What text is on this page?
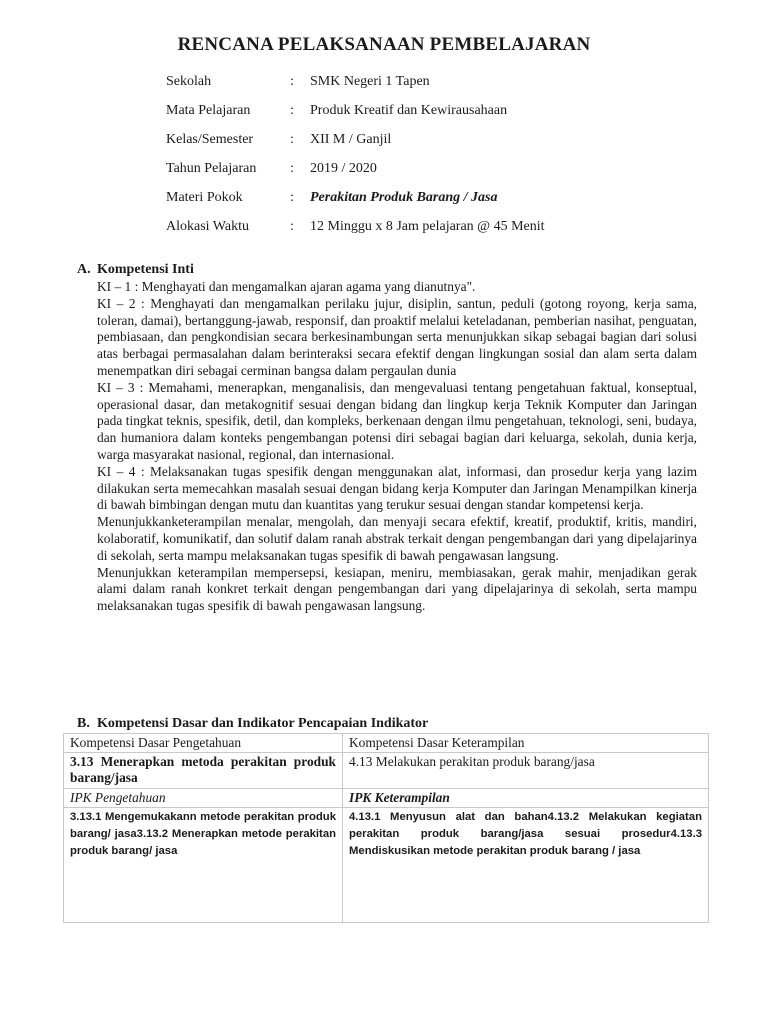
RENCANA PELAKSANAAN PEMBELAJARAN
Sekolah	:	SMK Negeri 1 Tapen
Mata Pelajaran	:	Produk Kreatif dan Kewirausahaan
Kelas/Semester	:	XII M / Ganjil
Tahun Pelajaran	:	2019 / 2020
Materi Pokok	:	Perakitan Produk Barang / Jasa
Alokasi Waktu	:	12 Minggu x 8 Jam pelajaran @ 45 Menit
A. Kompetensi Inti

KI – 1 : Menghayati dan mengamalkan ajaran agama yang dianutnya".

KI – 2 : Menghayati dan mengamalkan perilaku jujur, disiplin, santun, peduli (gotong royong, kerja sama, toleran, damai), bertanggung-jawab, responsif, dan proaktif melalui keteladanan, pemberian nasihat, penguatan, pembiasaan, dan pengkondisian secara berkesinambungan serta menunjukkan sikap sebagai bagian dari solusi atas berbagai permasalahan dalam berinteraksi secara efektif dengan lingkungan sosial dan alam serta dalam menempatkan diri sebagai cerminan bangsa dalam pergaulan dunia

KI – 3 : Memahami, menerapkan, menganalisis, dan mengevaluasi tentang pengetahuan faktual, konseptual, operasional dasar, dan metakognitif sesuai dengan bidang dan lingkup kerja Teknik Komputer dan Jaringan pada tingkat teknis, spesifik, detil, dan kompleks, berkenaan dengan ilmu pengetahuan, teknologi, seni, budaya, dan humaniora dalam konteks pengembangan potensi diri sebagai bagian dari keluarga, sekolah, dunia kerja, warga masyarakat nasional, regional, dan internasional.

KI – 4 : Melaksanakan tugas spesifik dengan menggunakan alat, informasi, dan prosedur kerja yang lazim dilakukan serta memecahkan masalah sesuai dengan bidang kerja Komputer dan Jaringan Menampilkan kinerja di bawah bimbingan dengan mutu dan kuantitas yang terukur sesuai dengan standar kompetensi kerja.

Menunjukkanketerampilan menalar, mengolah, dan menyaji secara efektif, kreatif, produktif, kritis, mandiri, kolaboratif, komunikatif, dan solutif dalam ranah abstrak terkait dengan pengembangan dari yang dipelajarinya di sekolah, serta mampu melaksanakan tugas spesifik di bawah pengawasan langsung.

Menunjukkan keterampilan mempersepsi, kesiapan, meniru, membiasakan, gerak mahir, menjadikan gerak alami dalam ranah konkret terkait dengan pengembangan dari yang dipelajarinya di sekolah, serta mampu melaksanakan tugas spesifik di bawah pengawasan langsung.

B. Kompetensi Dasar dan Indikator Pencapaian Indikator
Kompetensi Dasar Pengetahuan	Kompetensi Dasar Keterampilan
3.13 Menerapkan metoda perakitan produk barang/jasa	4.13 Melakukan perakitan produk barang/jasa
IPK Pengetahuan	IPK Keterampilan

3.13.1 Mengemukakann metode perakitan produk barang/ jasa3.13.2 Menerapkan metode perakitan produk barang/ jasa	4.13.1 Menyusun alat dan bahan4.13.2 Melakukan kegiatan perakitan produk barang/jasa sesuai prosedur4.13.3 Mendiskusikan metode perakitan produk barang / jasa
